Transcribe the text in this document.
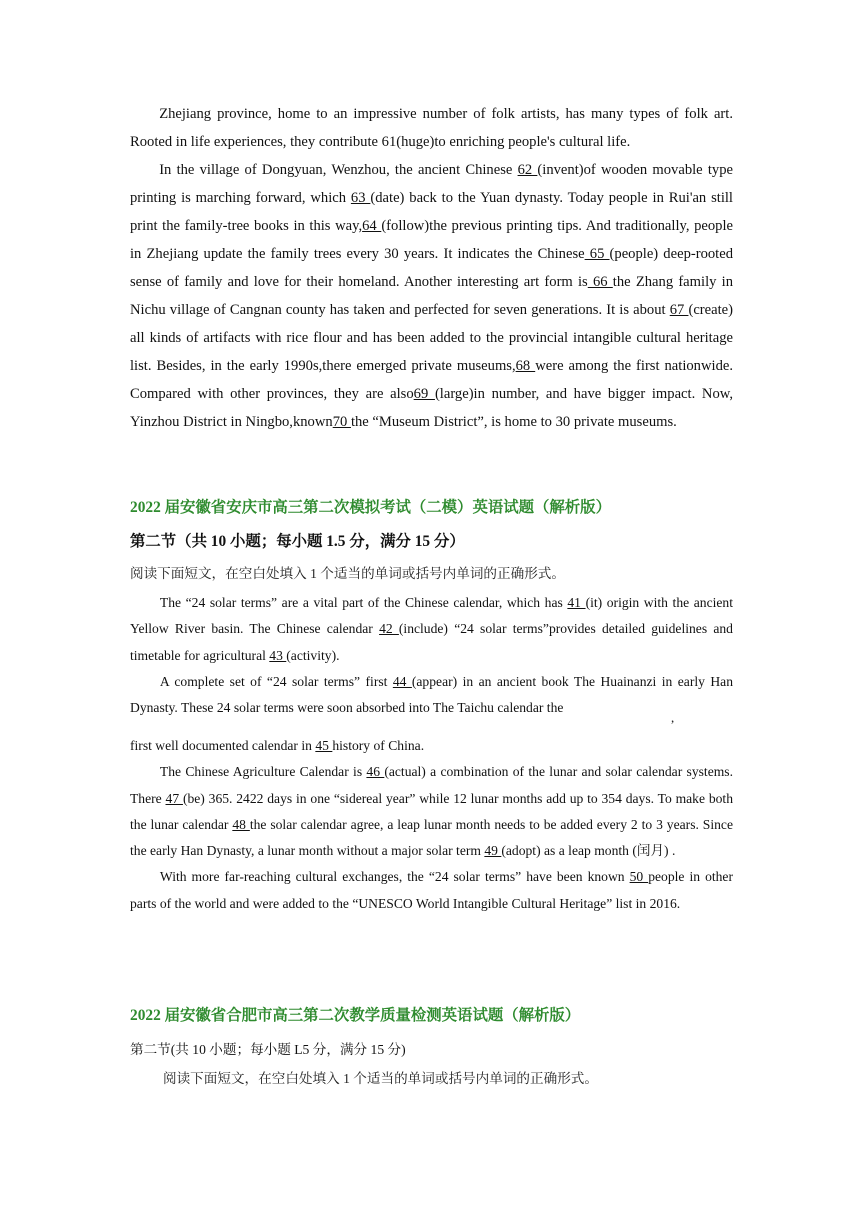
Zhejiang province, home to an impressive number of folk artists, has many types of folk art. Rooted in life experiences, they contribute 61(huge)to enriching people's cultural life.

In the village of Dongyuan, Wenzhou, the ancient Chinese 62 (invent)of wooden movable type printing is marching forward, which 63 (date) back to the Yuan dynasty. Today people in Rui'an still print the family-tree books in this way,64 (follow)the previous printing tips. And traditionally, people in Zhejiang update the family trees every 30 years. It indicates the Chinese 65 (people) deep-rooted sense of family and love for their homeland. Another interesting art form is 66 the Zhang family in Nichu village of Cangnan county has taken and perfected for seven generations. It is about 67 (create) all kinds of artifacts with rice flour and has been added to the provincial intangible cultural heritage list. Besides, in the early 1990s,there emerged private museums,68 were among the first nationwide. Compared with other provinces, they are also69 (large)in number, and have bigger impact. Now, Yinzhou District in Ningbo,known70 the “Museum District”, is home to 30 private museums.

2022 届安徽省安庆市高三第二次模拟考试（二模）英语试题（解析版）
第二节（共 10 小题；每小题 1.5 分，满分 15 分）
阅读下面短文，在空白处填入 1 个适当的单词或括号内单词的正确形式。

The “24 solar terms” are a vital part of the Chinese calendar, which has 41 (it) origin with the ancient Yellow River basin. The Chinese calendar 42 (include) “24 solar terms”provides detailed guidelines and timetable for agricultural 43 (activity).

A complete set of “24 solar terms” first 44 (appear) in an ancient book The Huainanzi in early Han Dynasty. These 24 solar terms were soon absorbed into The Taichu calendar the

,

first well documented calendar in 45 history of China.

The Chinese Agriculture Calendar is 46 (actual) a combination of the lunar and solar calendar systems. There 47 (be) 365. 2422 days in one “sidereal year” while 12 lunar months add up to 354 days. To make both the lunar calendar 48 the solar calendar agree, a leap lunar month needs to be added every 2 to 3 years. Since the early Han Dynasty, a lunar month without a major solar term 49 (adopt) as a leap month (闰月) .

With more far-reaching cultural exchanges, the “24 solar terms” have been known 50 people in other parts of the world and were added to the “UNESCO World Intangible Cultural Heritage” list in 2016.

2022 届安徽省合肥市高三第二次教学质量检测英语试题（解析版）
第二节(共 10 小题；每小题 L5 分，满分 15 分)
阅读下面短文，在空白处填入 1 个适当的单词或括号内单词的正确形式。
